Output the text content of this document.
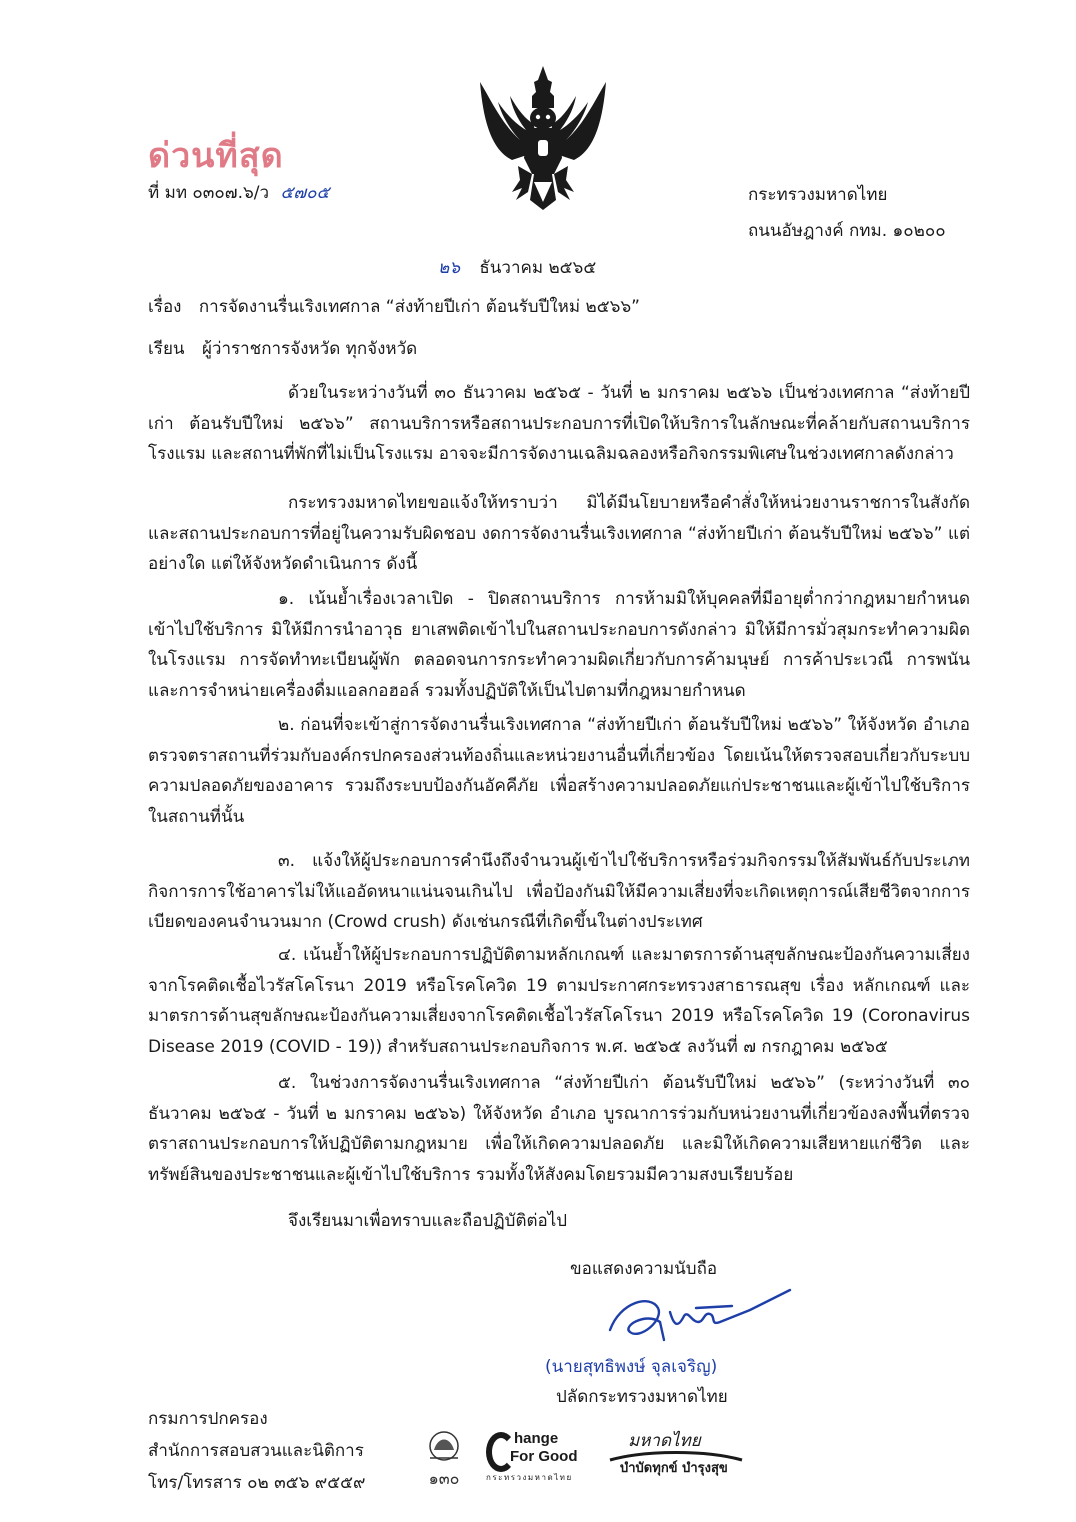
ด่วนที่สุด
ที่ มท ๐๓๐๗.๖/ว ๕๗๐๕	กระทรวงมหาดไทย
ถนนอัษฎางค์ กทม. ๑๐๒๐๐
๒๖ ธันวาคม ๒๕๖๕
เรื่อง การจัดงานรื่นเริงเทศกาล “ส่งท้ายปีเก่า ต้อนรับปีใหม่ ๒๕๖๖”
เรียน ผู้ว่าราชการจังหวัด ทุกจังหวัด
ด้วยในระหว่างวันที่ ๓๐ ธันวาคม ๒๕๖๕ - วันที่ ๒ มกราคม ๒๕๖๖ เป็นช่วงเทศกาล “ส่งท้ายปีเก่า ต้อนรับปีใหม่ ๒๕๖๖” สถานบริการหรือสถานประกอบการที่เปิดให้บริการในลักษณะที่คล้ายกับสถานบริการ โรงแรม และสถานที่พักที่ไม่เป็นโรงแรม อาจจะมีการจัดงานเฉลิมฉลองหรือกิจกรรมพิเศษในช่วงเทศกาลดังกล่าว
กระทรวงมหาดไทยขอแจ้งให้ทราบว่า มิได้มีนโยบายหรือคำสั่งให้หน่วยงานราชการในสังกัด และสถานประกอบการที่อยู่ในความรับผิดชอบ งดการจัดงานรื่นเริงเทศกาล “ส่งท้ายปีเก่า ต้อนรับปีใหม่ ๒๕๖๖” แต่อย่างใด แต่ให้จังหวัดดำเนินการ ดังนี้
๑. เน้นย้ำเรื่องเวลาเปิด - ปิดสถานบริการ การห้ามมิให้บุคคลที่มีอายุต่ำกว่ากฎหมายกำหนดเข้าไปใช้บริการ มิให้มีการนำอาวุธ ยาเสพติดเข้าไปในสถานประกอบการดังกล่าว มิให้มีการมั่วสุมกระทำความผิดในโรงแรม การจัดทำทะเบียนผู้พัก ตลอดจนการกระทำความผิดเกี่ยวกับการค้ามนุษย์ การค้าประเวณี การพนัน และการจำหน่ายเครื่องดื่มแอลกอฮอล์ รวมทั้งปฏิบัติให้เป็นไปตามที่กฎหมายกำหนด
๒. ก่อนที่จะเข้าสู่การจัดงานรื่นเริงเทศกาล “ส่งท้ายปีเก่า ต้อนรับปีใหม่ ๒๕๖๖” ให้จังหวัด อำเภอ ตรวจตราสถานที่ร่วมกับองค์กรปกครองส่วนท้องถิ่นและหน่วยงานอื่นที่เกี่ยวข้อง โดยเน้นให้ตรวจสอบเกี่ยวกับระบบความปลอดภัยของอาคาร รวมถึงระบบป้องกันอัคคีภัย เพื่อสร้างความปลอดภัยแก่ประชาชนและผู้เข้าไปใช้บริการในสถานที่นั้น
๓. แจ้งให้ผู้ประกอบการคำนึงถึงจำนวนผู้เข้าไปใช้บริการหรือร่วมกิจกรรมให้สัมพันธ์กับประเภทกิจการการใช้อาคารไม่ให้แออัดหนาแน่นจนเกินไป เพื่อป้องกันมิให้มีความเสี่ยงที่จะเกิดเหตุการณ์เสียชีวิตจากการเบียดของคนจำนวนมาก (Crowd crush) ดังเช่นกรณีที่เกิดขึ้นในต่างประเทศ
๔. เน้นย้ำให้ผู้ประกอบการปฏิบัติตามหลักเกณฑ์ และมาตรการด้านสุขลักษณะป้องกันความเสี่ยงจากโรคติดเชื้อไวรัสโคโรนา 2019 หรือโรคโควิด 19 ตามประกาศกระทรวงสาธารณสุข เรื่อง หลักเกณฑ์ และมาตรการด้านสุขลักษณะป้องกันความเสี่ยงจากโรคติดเชื้อไวรัสโคโรนา 2019 หรือโรคโควิด 19 (Coronavirus Disease 2019 (COVID - 19)) สำหรับสถานประกอบกิจการ พ.ศ. ๒๕๖๕ ลงวันที่ ๗ กรกฎาคม ๒๕๖๕
๕. ในช่วงการจัดงานรื่นเริงเทศกาล “ส่งท้ายปีเก่า ต้อนรับปีใหม่ ๒๕๖๖” (ระหว่างวันที่ ๓๐ ธันวาคม ๒๕๖๕ - วันที่ ๒ มกราคม ๒๕๖๖) ให้จังหวัด อำเภอ บูรณาการร่วมกับหน่วยงานที่เกี่ยวข้องลงพื้นที่ตรวจตราสถานประกอบการให้ปฏิบัติตามกฎหมาย เพื่อให้เกิดความปลอดภัย และมิให้เกิดความเสียหายแก่ชีวิต และทรัพย์สินของประชาชนและผู้เข้าไปใช้บริการ รวมทั้งให้สังคมโดยรวมมีความสงบเรียบร้อย
จึงเรียนมาเพื่อทราบและถือปฏิบัติต่อไป
ขอแสดงความนับถือ
(นายสุทธิพงษ์ จุลเจริญ)
ปลัดกระทรวงมหาดไทย
กรมการปกครอง
สำนักการสอบสวนและนิติการ
โทร/โทรสาร ๐๒ ๓๕๖ ๙๕๕๙	๑๓๐
hange
For Good
กระทรวงมหาดไทย
มหาดไทย
บำบัดทุกข์ บำรุงสุข
